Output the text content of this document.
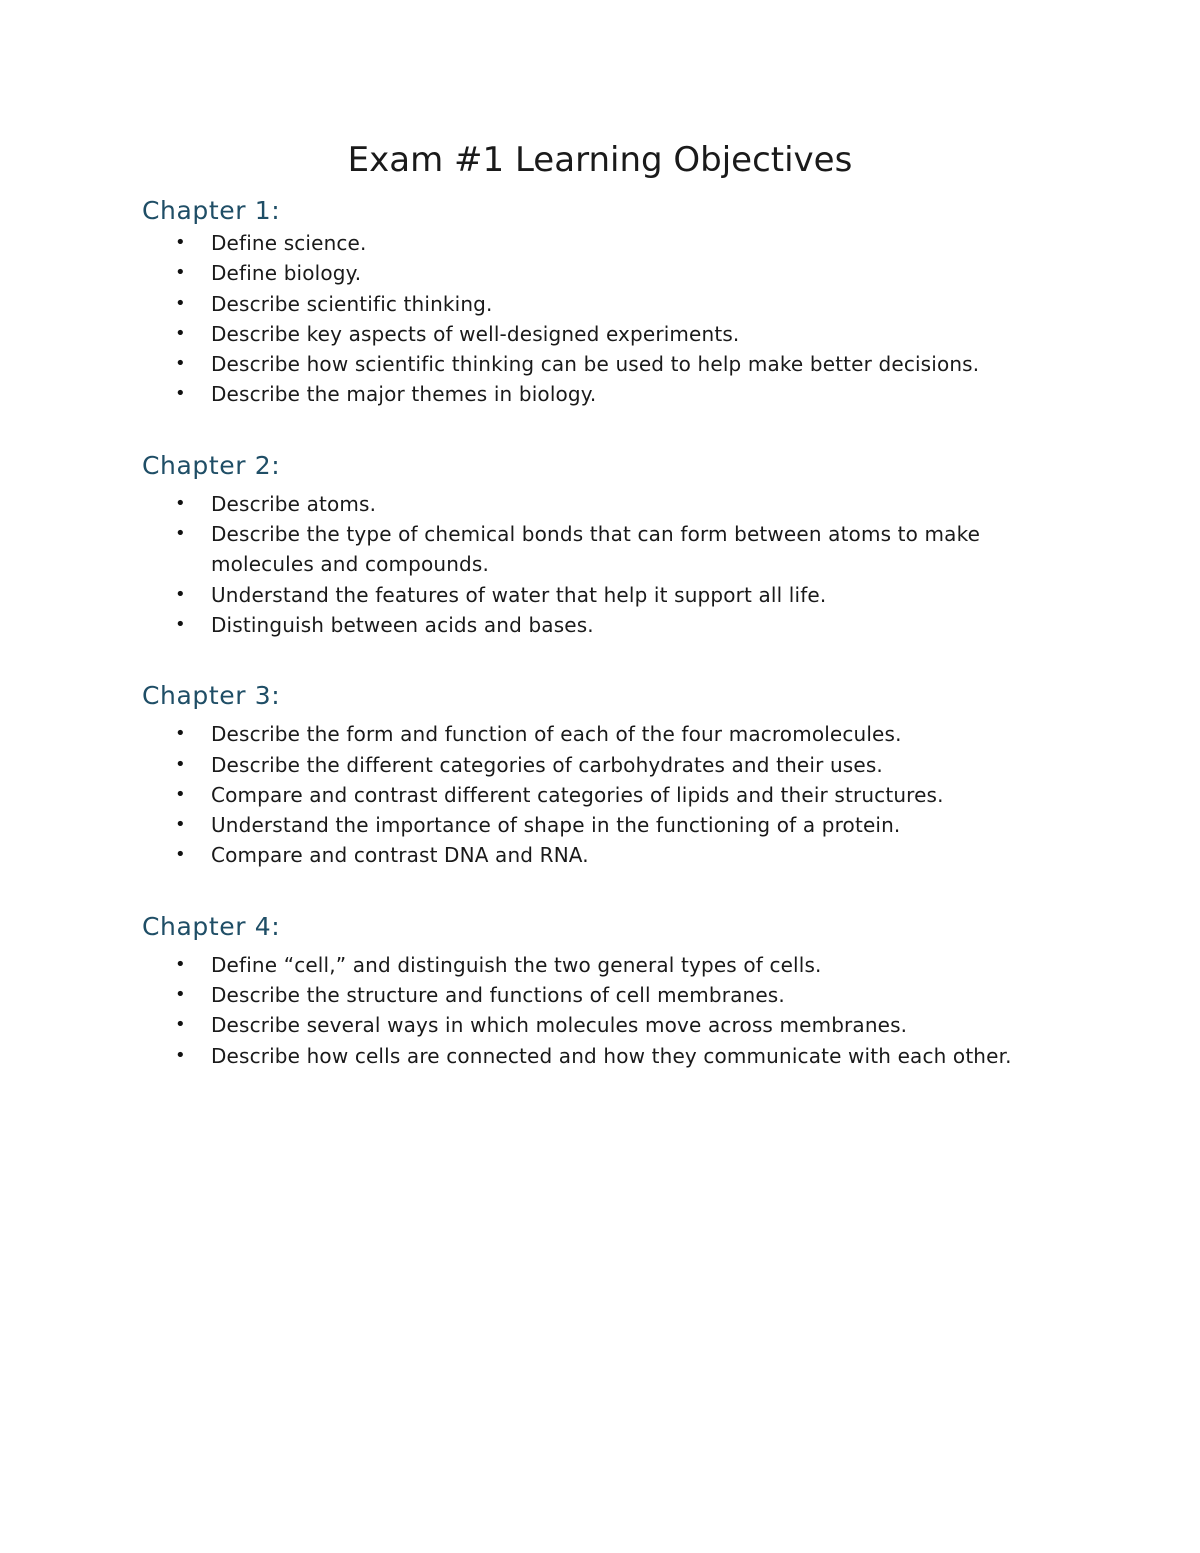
Exam #1 Learning Objectives
Chapter 1:
• Define science.
• Define biology.
• Describe scientific thinking.
• Describe key aspects of well-designed experiments.
• Describe how scientific thinking can be used to help make better decisions.
• Describe the major themes in biology.
Chapter 2:
• Describe atoms.
• Describe the type of chemical bonds that can form between atoms to make molecules and compounds.
• Understand the features of water that help it support all life.
• Distinguish between acids and bases.
Chapter 3:
• Describe the form and function of each of the four macromolecules.
• Describe the different categories of carbohydrates and their uses.
• Compare and contrast different categories of lipids and their structures.
• Understand the importance of shape in the functioning of a protein.
• Compare and contrast DNA and RNA.
Chapter 4:
• Define “cell,” and distinguish the two general types of cells.
• Describe the structure and functions of cell membranes.
• Describe several ways in which molecules move across membranes.
• Describe how cells are connected and how they communicate with each other.
